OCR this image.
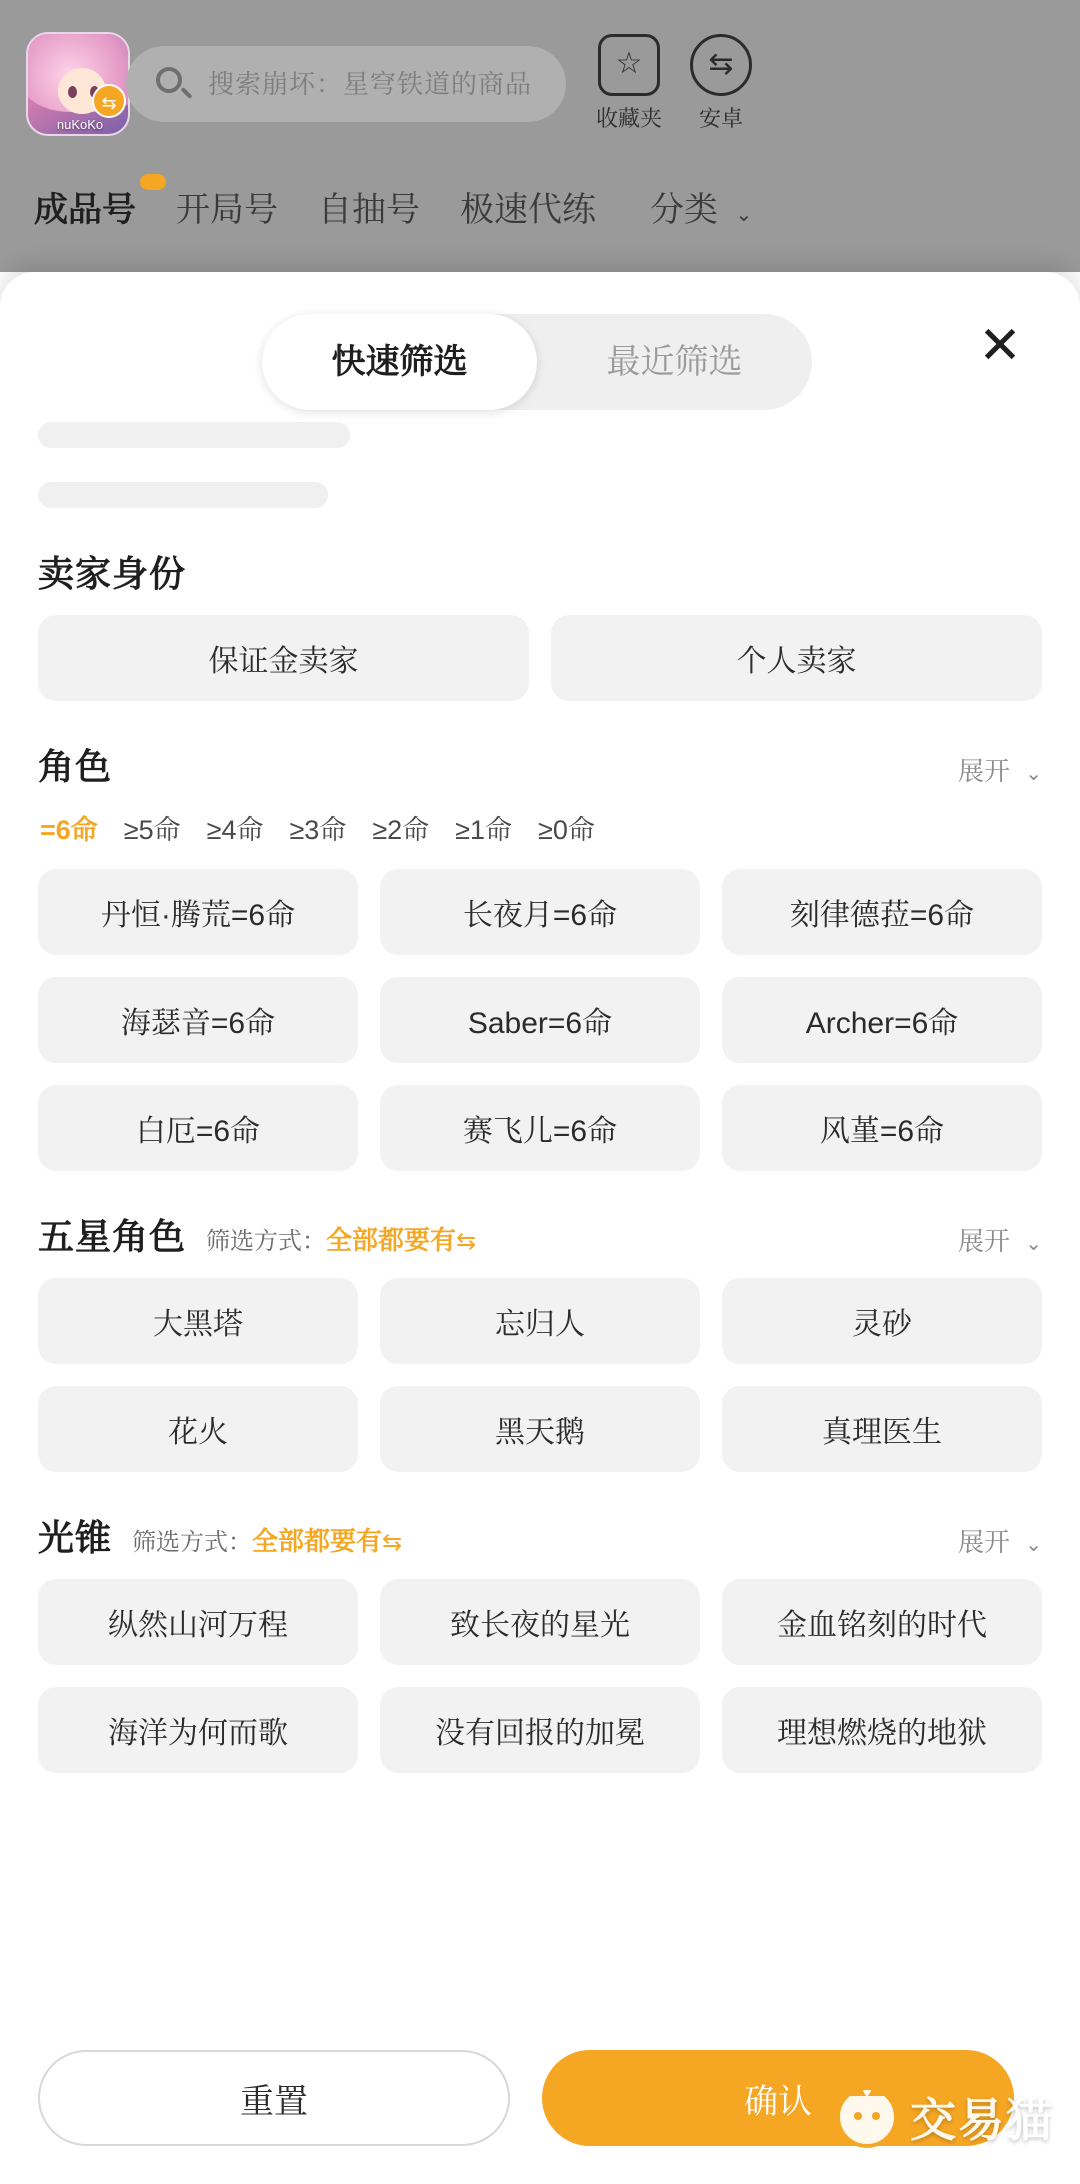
nuKoKo
⇆
搜索崩坏：星穹铁道的商品
☆
收藏夹
⇆
安卓
成品号 开局号 自抽号 极速代练 分类 ⌄
快速筛选	最近筛选	✕
卖家身份
保证金卖家	个人卖家
角色	展开 ⌄
=6命 ≥5命 ≥4命 ≥3命 ≥2命 ≥1命 ≥0命
丹恒·腾荒=6命	长夜月=6命	刻律德菈=6命
海瑟音=6命	Saber=6命	Archer=6命
白厄=6命	赛飞儿=6命	风堇=6命
五星角色 筛选方式：全部都要有⇆	展开 ⌄
大黑塔	忘归人	灵砂
花火	黑天鹅	真理医生
光锥 筛选方式：全部都要有⇆	展开 ⌄
纵然山河万程	致长夜的星光	金血铭刻的时代
海洋为何而歌	没有回报的加冕	理想燃烧的地狱
重置	确认	交易猫
